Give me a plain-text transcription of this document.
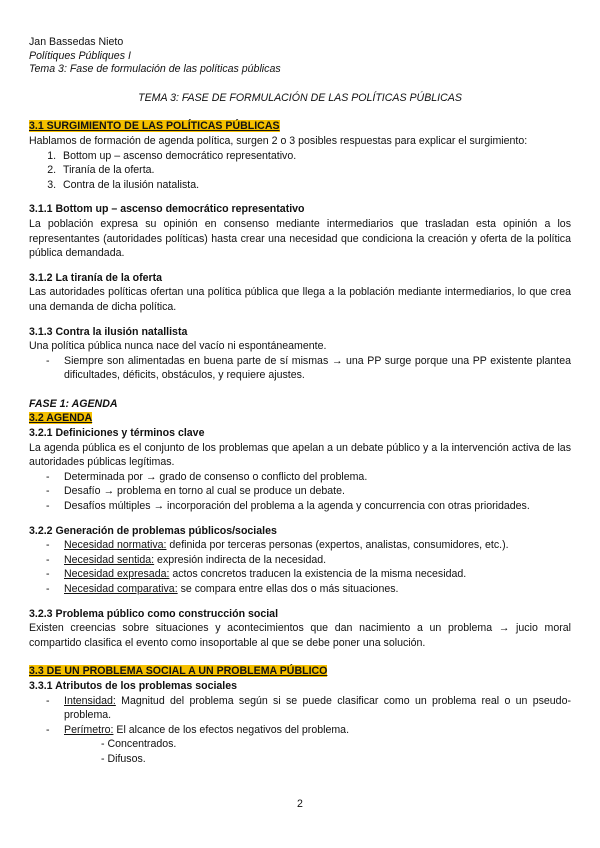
Jan Bassedas Nieto
Polítiques Públiques I
Tema 3: Fase de formulación de las políticas públicas
TEMA 3: FASE DE FORMULACIÓN DE LAS POLÍTICAS PÚBLICAS
3.1 SURGIMIENTO DE LAS POLÍTICAS PÚBLICAS
Hablamos de formación de agenda política, surgen 2 o 3 posibles respuestas para explicar el surgimiento:
1. Bottom up – ascenso democrático representativo.
2. Tiranía de la oferta.
3. Contra de la ilusión natalista.
3.1.1 Bottom up – ascenso democrático representativo
La población expresa su opinión en consenso mediante intermediarios que trasladan esta opinión a los representantes (autoridades políticas) hasta crear una necesidad que condiciona la creación y oferta de la política pública demandada.
3.1.2 La tiranía de la oferta
Las autoridades políticas ofertan una política pública que llega a la población mediante intermediarios, lo que crea una demanda de dicha política.
3.1.3 Contra la ilusión natallista
Una política pública nunca nace del vacío ni espontáneamente.
- Siempre son alimentadas en buena parte de sí mismas → una PP surge porque una PP existente plantea dificultades, déficits, obstáculos, y requiere ajustes.
FASE 1: AGENDA
3.2 AGENDA
3.2.1 Definiciones y términos clave
La agenda pública es el conjunto de los problemas que apelan a un debate público y a la intervención activa de las autoridades públicas legítimas.
- Determinada por → grado de consenso o conflicto del problema.
- Desafío → problema en torno al cual se produce un debate.
- Desafíos múltiples → incorporación del problema a la agenda y concurrencia con otras prioridades.
3.2.2 Generación de problemas públicos/sociales
- Necesidad normativa: definida por terceras personas (expertos, analistas, consumidores, etc.).
- Necesidad sentida: expresión indirecta de la necesidad.
- Necesidad expresada: actos concretos traducen la existencia de la misma necesidad.
- Necesidad comparativa: se compara entre ellas dos o más situaciones.
3.2.3 Problema público como construcción social
Existen creencias sobre situaciones y acontecimientos que dan nacimiento a un problema → jucio moral compartido clasifica el evento como insoportable al que se debe poner una solución.
3.3 DE UN PROBLEMA SOCIAL A UN PROBLEMA PÚBLICO
3.3.1 Atributos de los problemas sociales
- Intensidad: Magnitud del problema según si se puede clasificar como un problema real o un pseudo-problema.
- Perímetro: El alcance de los efectos negativos del problema.
- Concentrados.
- Difusos.
2
